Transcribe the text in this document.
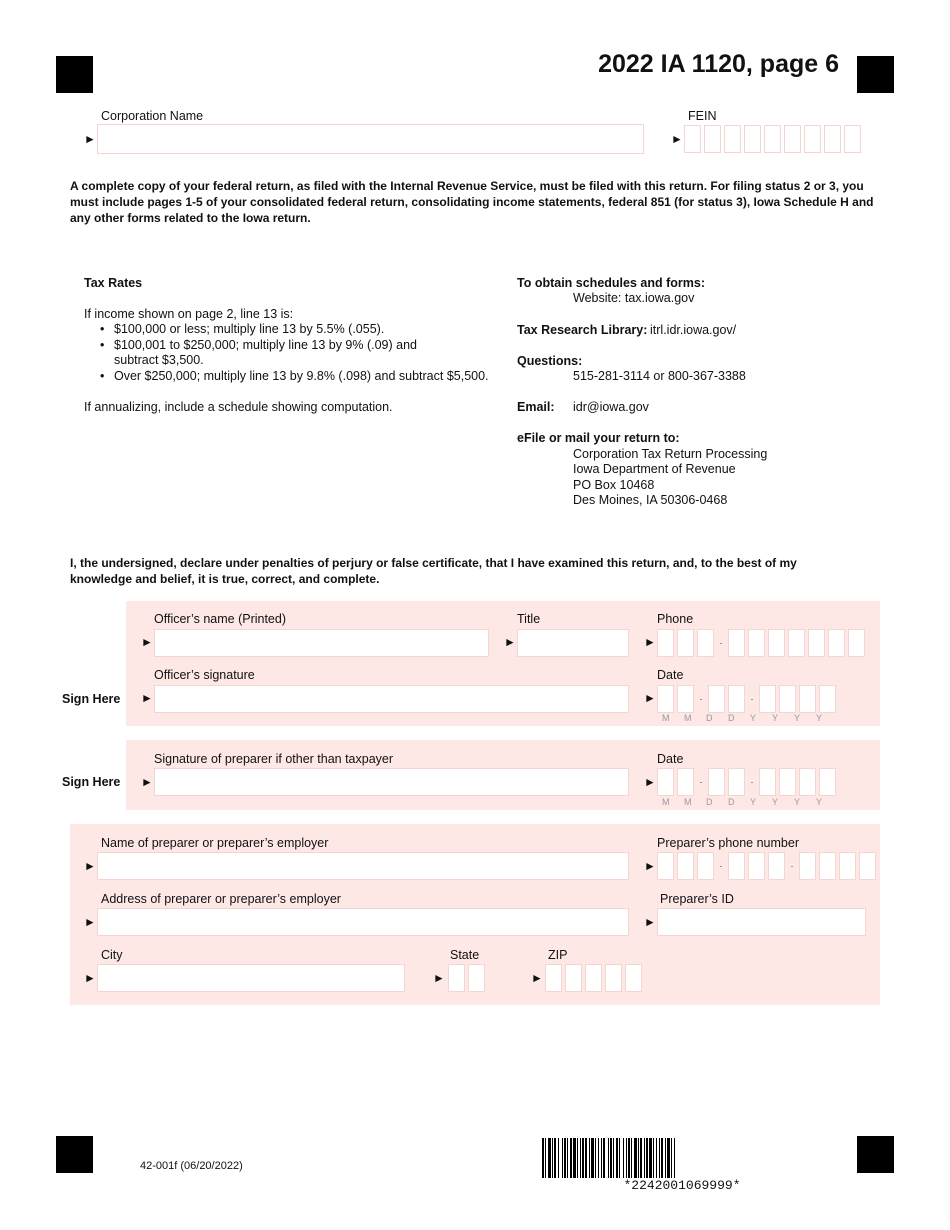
2022 IA 1120, page 6
Corporation Name
►
FEIN
►
A complete copy of your federal return, as filed with the Internal Revenue Service, must be filed with this return. For filing status 2 or 3, you must include pages 1-5 of your consolidated federal return, consolidating income statements, federal 851 (for status 3), Iowa Schedule H and any other forms related to the Iowa return.
Tax Rates
If income shown on page 2, line 13 is:
• $100,000 or less; multiply line 13 by 5.5% (.055).
• $100,001 to $250,000; multiply line 13 by 9% (.09) and subtract $3,500.
• Over $250,000; multiply line 13 by 9.8% (.098) and subtract $5,500.
If annualizing, include a schedule showing computation.
To obtain schedules and forms:
Website: tax.iowa.gov
Tax Research Library: itrl.idr.iowa.gov/
Questions:
515-281-3114 or 800-367-3388
Email: idr@iowa.gov
eFile or mail your return to:
Corporation Tax Return Processing
Iowa Department of Revenue
PO Box 10468
Des Moines, IA 50306-0468
I, the undersigned, declare under penalties of perjury or false certificate, that I have examined this return, and, to the best of my knowledge and belief, it is true, correct, and complete.
Officer’s name (Printed)
►
Title
►
Phone
►
Sign Here
Officer’s signature
►
Date
►
M	M	D	D	Y	Y	Y	Y
Sign Here
Signature of preparer if other than taxpayer
►
Date
►
M	M	D	D	Y	Y	Y	Y
Name of preparer or preparer’s employer
►
Preparer’s phone number
►
Address of preparer or preparer’s employer
►
Preparer’s ID
►
City
►
State
►
ZIP
►
42-001f (06/20/2022)
*2242001069999*
